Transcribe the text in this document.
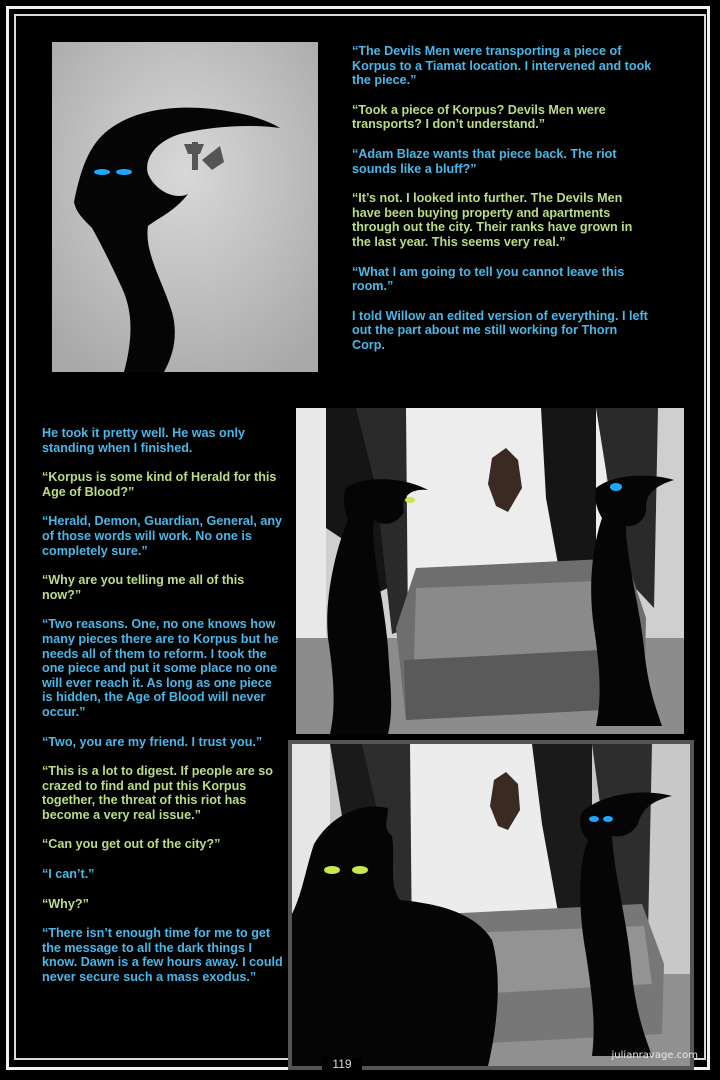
“The Devils Men were transporting a piece of Korpus to a Tiamat location. I intervened and took the piece.”

“Took a piece of Korpus? Devils Men were transports? I don’t understand.”

“Adam Blaze wants that piece back. The riot sounds like a bluff?”

“It’s not. I looked into further. The Devils Men have been buying property and apartments through out the city. Their ranks have grown in the last year. This seems very real.”

“What I am going to tell you cannot leave this room.”

I told Willow an edited version of everything. I left out the part about me still working for Thorn Corp.

He took it pretty well. He was only standing when I finished.

“Korpus is some kind of Herald for this Age of Blood?”

“Herald, Demon, Guardian, General, any of those words will work. No one is completely sure.”

“Why are you telling me all of this now?”

“Two reasons. One, no one knows how many pieces there are to Korpus but he needs all of them to reform. I took the one piece and put it some place no one will ever reach it. As long as one piece is hidden, the Age of Blood will never occur.”

“Two, you are my friend. I trust you.”

“This is a lot to digest. If people are so crazed to find and put this Korpus together, the threat of this riot has become a very real issue.”

“Can you get out of the city?”

“I can’t.”

“Why?”

“There isn’t enough time for me to get the message to all the dark things I know. Dawn is a few hours away. I could never secure such a mass exodus.”

119
julianravage.com
